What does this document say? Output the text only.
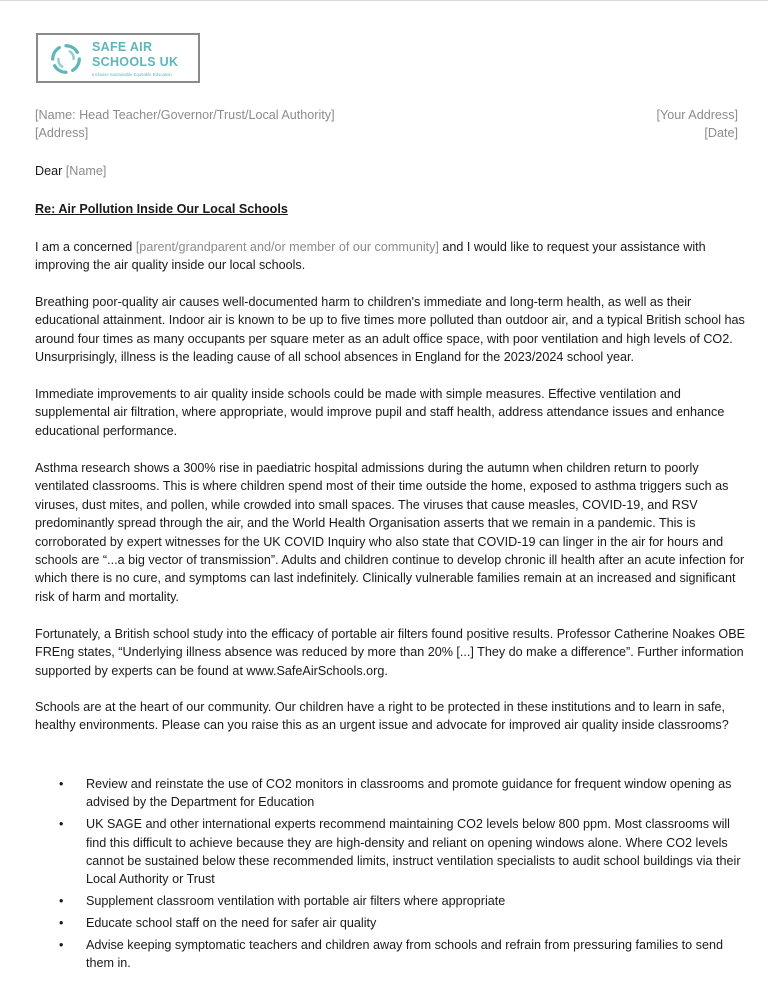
SAFE AIR
SCHOOLS UK
Inclusive Sustainable Equitable Education
[Name: Head Teacher/Governor/Trust/Local Authority]
[Address]
[Your Address]
[Date]
Dear [Name]
Re: Air Pollution Inside Our Local Schools

I am a concerned [parent/grandparent and/or member of our community] and I would like to request your assistance with improving the air quality inside our local schools.

Breathing poor-quality air causes well-documented harm to children's immediate and long-term health, as well as their educational attainment. Indoor air is known to be up to five times more polluted than outdoor air, and a typical British school has around four times as many occupants per square meter as an adult office space, with poor ventilation and high levels of CO2. Unsurprisingly, illness is the leading cause of all school absences in England for the 2023/2024 school year.

Immediate improvements to air quality inside schools could be made with simple measures. Effective ventilation and supplemental air filtration, where appropriate, would improve pupil and staff health, address attendance issues and enhance educational performance.

Asthma research shows a 300% rise in paediatric hospital admissions during the autumn when children return to poorly ventilated classrooms. This is where children spend most of their time outside the home, exposed to asthma triggers such as viruses, dust mites, and pollen, while crowded into small spaces. The viruses that cause measles, COVID-19, and RSV predominantly spread through the air, and the World Health Organisation asserts that we remain in a pandemic. This is corroborated by expert witnesses for the UK COVID Inquiry who also state that COVID-19 can linger in the air for hours and schools are “...a big vector of transmission”. Adults and children continue to develop chronic ill health after an acute infection for which there is no cure, and symptoms can last indefinitely. Clinically vulnerable families remain at an increased and significant risk of harm and mortality.

Fortunately, a British school study into the efficacy of portable air filters found positive results. Professor Catherine Noakes OBE FREng states, “Underlying illness absence was reduced by more than 20% [...] They do make a difference”. Further information supported by experts can be found at www.SafeAirSchools.org.

Schools are at the heart of our community. Our children have a right to be protected in these institutions and to learn in safe, healthy environments. Please can you raise this as an urgent issue and advocate for improved air quality inside classrooms?

• Review and reinstate the use of CO2 monitors in classrooms and promote guidance for frequent window opening as advised by the Department for Education
• UK SAGE and other international experts recommend maintaining CO2 levels below 800 ppm. Most classrooms will find this difficult to achieve because they are high-density and reliant on opening windows alone. Where CO2 levels cannot be sustained below these recommended limits, instruct ventilation specialists to audit school buildings via their Local Authority or Trust
• Supplement classroom ventilation with portable air filters where appropriate
• Educate school staff on the need for safer air quality
• Advise keeping symptomatic teachers and children away from schools and refrain from pressuring families to send them in.
